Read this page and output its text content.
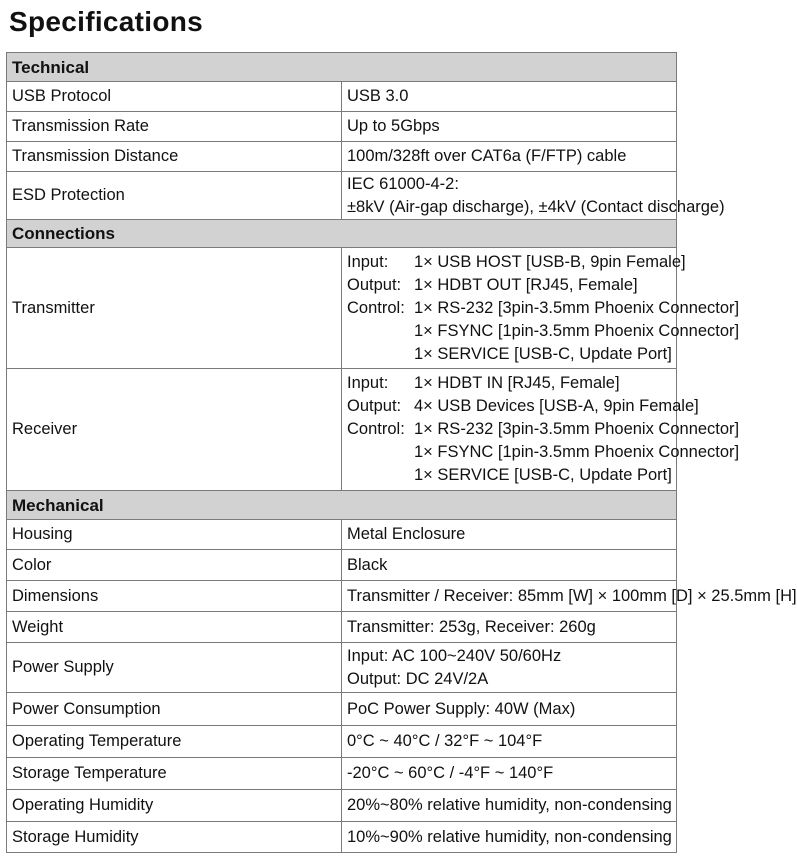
Specifications
Technical	
USB Protocol	USB 3.0
Transmission Rate	Up to 5Gbps
Transmission Distance	100m/328ft over CAT6a (F/FTP) cable
ESD Protection	IEC 61000-4-2:
±8kV (Air-gap discharge), ±4kV (Contact discharge)

Connections	
Transmitter	Input: 1× USB HOST [USB-B, 9pin Female]
Output: 1× HDBT OUT [RJ45, Female]
Control: 1× RS-232 [3pin-3.5mm Phoenix Connector]
1× FSYNC [1pin-3.5mm Phoenix Connector]
1× SERVICE [USB-C, Update Port]

Receiver	Input: 1× HDBT IN [RJ45, Female]
Output: 4× USB Devices [USB-A, 9pin Female]
Control: 1× RS-232 [3pin-3.5mm Phoenix Connector]
1× FSYNC [1pin-3.5mm Phoenix Connector]
1× SERVICE [USB-C, Update Port]

Mechanical	
Housing	Metal Enclosure
Color	Black
Dimensions	Transmitter / Receiver: 85mm [W] × 100mm [D] × 25.5mm [H]
Weight	Transmitter: 253g, Receiver: 260g
Power Supply	Input: AC 100~240V 50/60Hz
Output: DC 24V/2A

Power Consumption	PoC Power Supply: 40W (Max)
Operating Temperature	0°C ~ 40°C / 32°F ~ 104°F
Storage Temperature	-20°C ~ 60°C / -4°F ~ 140°F
Operating Humidity	20%~80% relative humidity, non-condensing
Storage Humidity	10%~90% relative humidity, non-condensing
